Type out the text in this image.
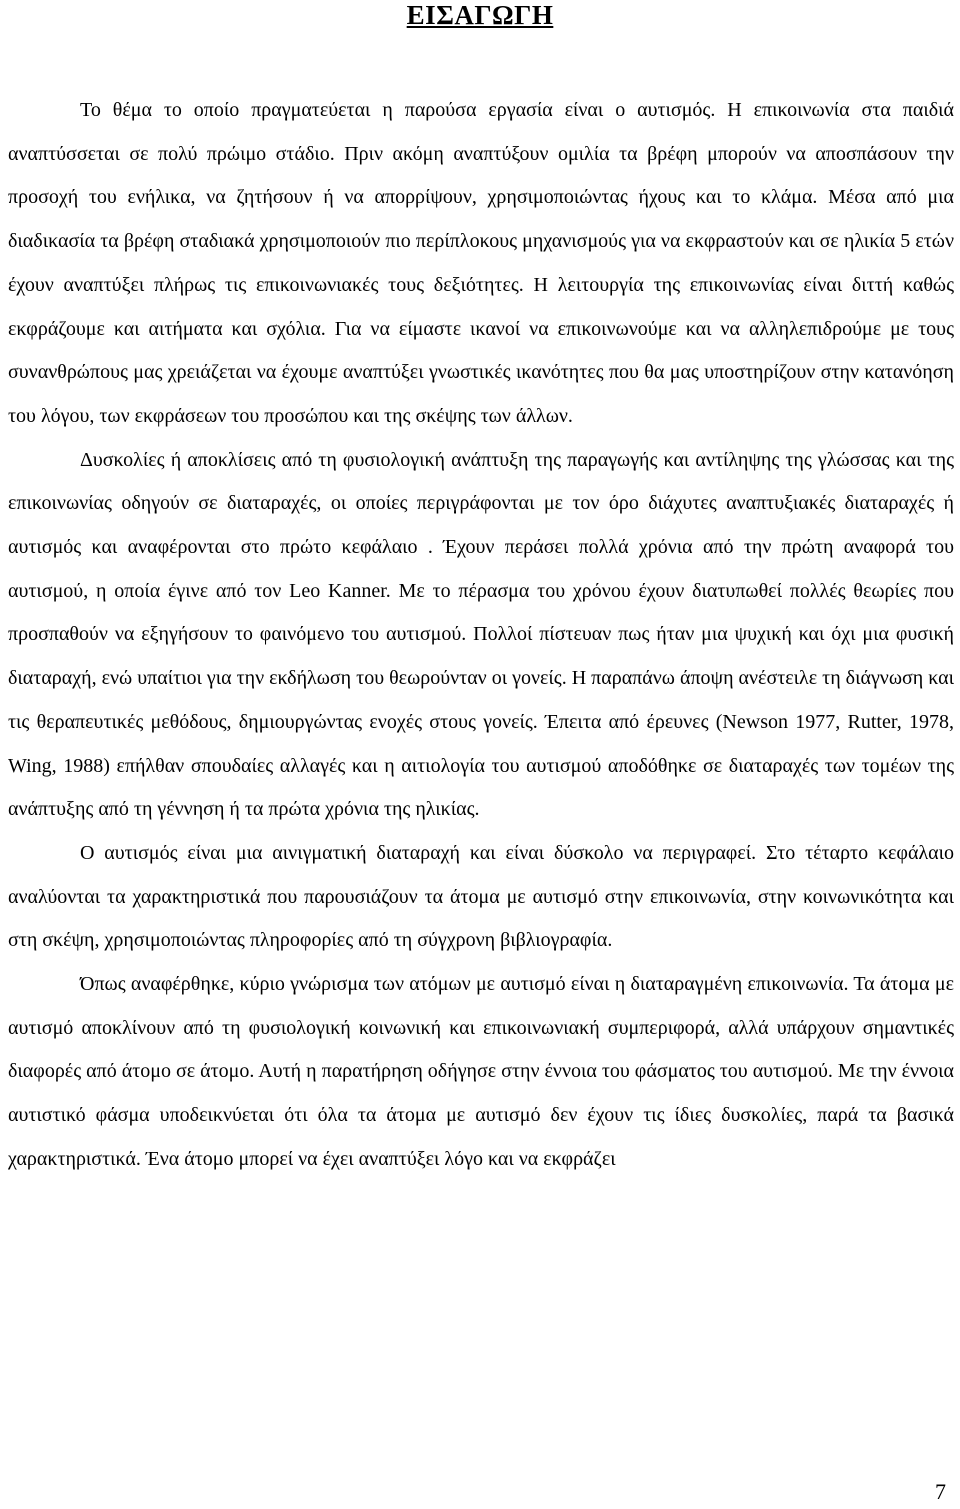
ΕΙΣΑΓΩΓΗ

Το θέμα το οποίο πραγματεύεται η παρούσα εργασία είναι ο αυτισμός. Η επικοινωνία στα παιδιά αναπτύσσεται σε πολύ πρώιμο στάδιο. Πριν ακόμη αναπτύξουν ομιλία τα βρέφη μπορούν να αποσπάσουν την προσοχή του ενήλικα, να ζητήσουν ή να απορρίψουν, χρησιμοποιώντας ήχους και το κλάμα. Μέσα από μια διαδικασία τα βρέφη σταδιακά χρησιμοποιούν πιο περίπλοκους μηχανισμούς για να εκφραστούν και σε ηλικία 5 ετών έχουν αναπτύξει πλήρως τις επικοινωνιακές τους δεξιότητες. Η λειτουργία της επικοινωνίας είναι διττή καθώς εκφράζουμε και αιτήματα και σχόλια. Για να είμαστε ικανοί να επικοινωνούμε και να αλληλεπιδρούμε με τους συνανθρώπους μας χρειάζεται να έχουμε αναπτύξει γνωστικές ικανότητες που θα μας υποστηρίζουν στην κατανόηση του λόγου, των εκφράσεων του προσώπου και της σκέψης των άλλων.

Δυσκολίες ή αποκλίσεις από τη φυσιολογική ανάπτυξη της παραγωγής και αντίληψης της γλώσσας και της επικοινωνίας οδηγούν σε διαταραχές, οι οποίες περιγράφονται με τον όρο διάχυτες αναπτυξιακές διαταραχές ή αυτισμός και αναφέρονται στο πρώτο κεφάλαιο . Έχουν περάσει πολλά χρόνια από την πρώτη αναφορά του αυτισμού, η οποία έγινε από τον Leo Kanner. Με το πέρασμα του χρόνου έχουν διατυπωθεί πολλές θεωρίες που προσπαθούν να εξηγήσουν το φαινόμενο του αυτισμού. Πολλοί πίστευαν πως ήταν μια ψυχική και όχι μια φυσική διαταραχή, ενώ υπαίτιοι για την εκδήλωση του θεωρούνταν οι γονείς. Η παραπάνω άποψη ανέστειλε τη διάγνωση και τις θεραπευτικές μεθόδους, δημιουργώντας ενοχές στους γονείς. Έπειτα από έρευνες (Newson 1977, Rutter, 1978, Wing, 1988) επήλθαν σπουδαίες αλλαγές και η αιτιολογία του αυτισμού αποδόθηκε σε διαταραχές των τομέων της ανάπτυξης από τη γέννηση ή τα πρώτα χρόνια της ηλικίας.

Ο αυτισμός είναι μια αινιγματική διαταραχή και είναι δύσκολο να περιγραφεί. Στο τέταρτο κεφάλαιο αναλύονται τα χαρακτηριστικά που παρουσιάζουν τα άτομα με αυτισμό στην επικοινωνία, στην κοινωνικότητα και στη σκέψη, χρησιμοποιώντας πληροφορίες από τη σύγχρονη βιβλιογραφία.

Όπως αναφέρθηκε, κύριο γνώρισμα των ατόμων με αυτισμό είναι η διαταραγμένη επικοινωνία. Τα άτομα με αυτισμό αποκλίνουν από τη φυσιολογική κοινωνική και επικοινωνιακή συμπεριφορά, αλλά υπάρχουν σημαντικές διαφορές από άτομο σε άτομο. Αυτή η παρατήρηση οδήγησε στην έννοια του φάσματος του αυτισμού. Με την έννοια αυτιστικό φάσμα υποδεικνύεται ότι όλα τα άτομα με αυτισμό δεν έχουν τις ίδιες δυσκολίες, παρά τα βασικά χαρακτηριστικά. Ένα άτομο μπορεί να έχει αναπτύξει λόγο και να εκφράζει

7
